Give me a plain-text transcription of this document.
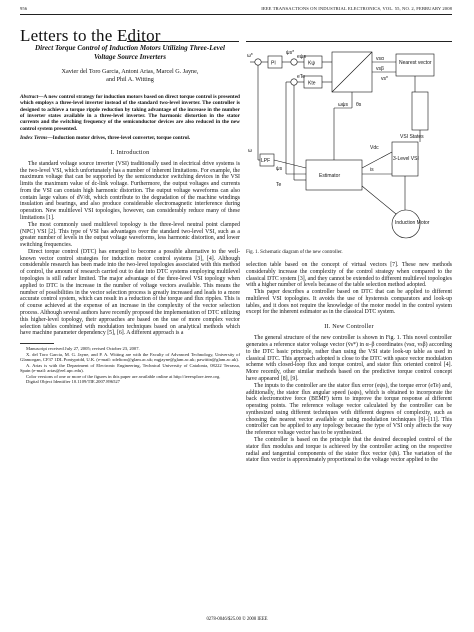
956	IEEE TRANSACTIONS ON INDUSTRIAL ELECTRONICS, VOL. 55, NO. 2, FEBRUARY 2008
Letters to the Editor
Direct Torque Control of Induction Motors Utilizing Three-Level Voltage Source Inverters
Xavier del Toro Garcia, Antoni Arias, Marcel G. Jayne,
and Phil A. Witting
Abstract—A new control strategy for induction motors based on direct torque control is presented which employs a three-level inverter instead of the standard two-level inverter. The controller is designed to achieve a torque ripple reduction by taking advantage of the increase in the number of inverter states available in a three-level inverter. The harmonic distortion in the stator currents and the switching frequency of the semiconductor devices are also reduced in the new control system presented.
Index Terms—Induction motor drives, three-level converter, torque control.
I. Introduction

The standard voltage source inverter (VSI) traditionally used in electrical drive systems is the two-level VSI, which unfortunately has a number of inherent limitations. For example, the maximum voltage that can be supported by the semiconductor switching devices in the VSI limits the maximum value of dc-link voltage. Furthermore, the output voltages and currents from the VSI can contain high harmonic distortion. The output voltage waveforms can also contain large values of dV/dt, which contribute to the degradation of the machine windings insulation and bearings, and also produce considerable electromagnetic interference during operation. New multilevel VSI topologies, however, can considerably reduce many of these limitations [1].

The most commonly used multilevel topology is the three-level neutral point clamped (NPC) VSI [2]. This type of VSI has advantages over the standard two-level VSI, such as a greater number of levels in the output voltage waveforms, less harmonic distortion, and lower switching frequencies.

Direct torque control (DTC) has emerged to become a possible alternative to the well-known vector control strategies for induction motor control systems [3], [4]. Although considerable research has been made into the two-level topologies associated with this method of control, the amount of research carried out to date into DTC systems employing multilevel topologies is still rather limited. The major advantage of the three-level VSI topology when applied to DTC is the increase in the number of voltage vectors available. This means the number of possibilities in the vector selection process is greatly increased and leads to a more accurate control system, which can result in a reduction of the torque and flux ripples. This is of course achieved at the expense of an increase in the complexity of the vector selection process. Although several authors have recently proposed the implementation of DTC utilizing this higher-level topology, their approaches are based on the use of more complex vector selection tables combined with modulation techniques based on analytical methods which have machine parameter dependency [5], [6]. A different approach is a

Manuscript received July 27, 2005; revised October 23, 2007.

X. del Toro Garcia, M. G. Jayne, and P. A. Witting are with the Faculty of Advanced Technology, University of Glamorgan, CF37 1DL Pontypridd, U.K. (e-mail: xdeltoro@glam.ac.uk; mgjayne@glam.ac.uk; pawittin@glam.ac.uk).

A. Arias is with the Department of Electronic Engineering, Technical University of Catalonia, 08222 Terrassa, Spain (e-mail: arias@eel.upc.edu).

Color versions of one or more of the figures in this paper are available online at http://ieeexplore.ieee.org.

Digital Object Identifier 10.1109/TIE.2007.896527

ω*
PI
ψs*
eψs
eTe
Kψ
Kte
vsα
vsβ
vs*
Nearest vector
VSI States
3-Level VSI
Vdc
is
Estimator
LPF
ω
ψs
Te
ωψs θs
Induction Motor
Fig. 1. Schematic diagram of the new controller.

selection table based on the concept of virtual vectors [7]. These new methods considerably increase the complexity of the control strategy when compared to the classical DTC system [3], and they cannot be extended to different multilevel topologies with a higher number of levels because of the table selection method adopted.

This paper describes a controller based on DTC that can be applied to different multilevel VSI topologies. It avoids the use of hysteresis comparators and look-up tables, and it does not require the knowledge of the motor model in the control system except for the inherent estimator as in the classical DTC system.

II. New Controller

The general structure of the new controller is shown in Fig. 1. This novel controller generates a reference stator voltage vector (v̄s*) in α–β coordinates (vsα, vsβ) according to the DTC basic principle, rather than using the VSI state look-up table as used in classical DTC. This approach adopted is close to the DTC with space vector modulation scheme with closed-loop flux and torque control, and stator flux oriented control [4]. More recently, other similar methods based on the predictive torque control concept have appeared [8], [9].

The inputs to the controller are the stator flux error (eψs), the torque error (eTe) and, additionally, the stator flux angular speed (ωψs), which is obtained to incorporate the back electromotive force (BEMF) term to improve the torque response at different operating points. The reference voltage vector calculated by the controller can be synthesized using different techniques with different degrees of complexity, such as choosing the nearest vector available or using modulation techniques [9]–[11]. This controller can be applied to any topology because the type of VSI only affects the way the reference voltage vector has to be synthesized.

The controller is based on the principle that the desired decoupled control of the stator flux modulus and torque is achieved by the controller acting on the respective radial and tangential components of the stator flux vector (ψ̄s). The variation of the stator flux vector is approximately proportional to the voltage vector applied to the

0278-0046/$25.00 © 2008 IEEE
